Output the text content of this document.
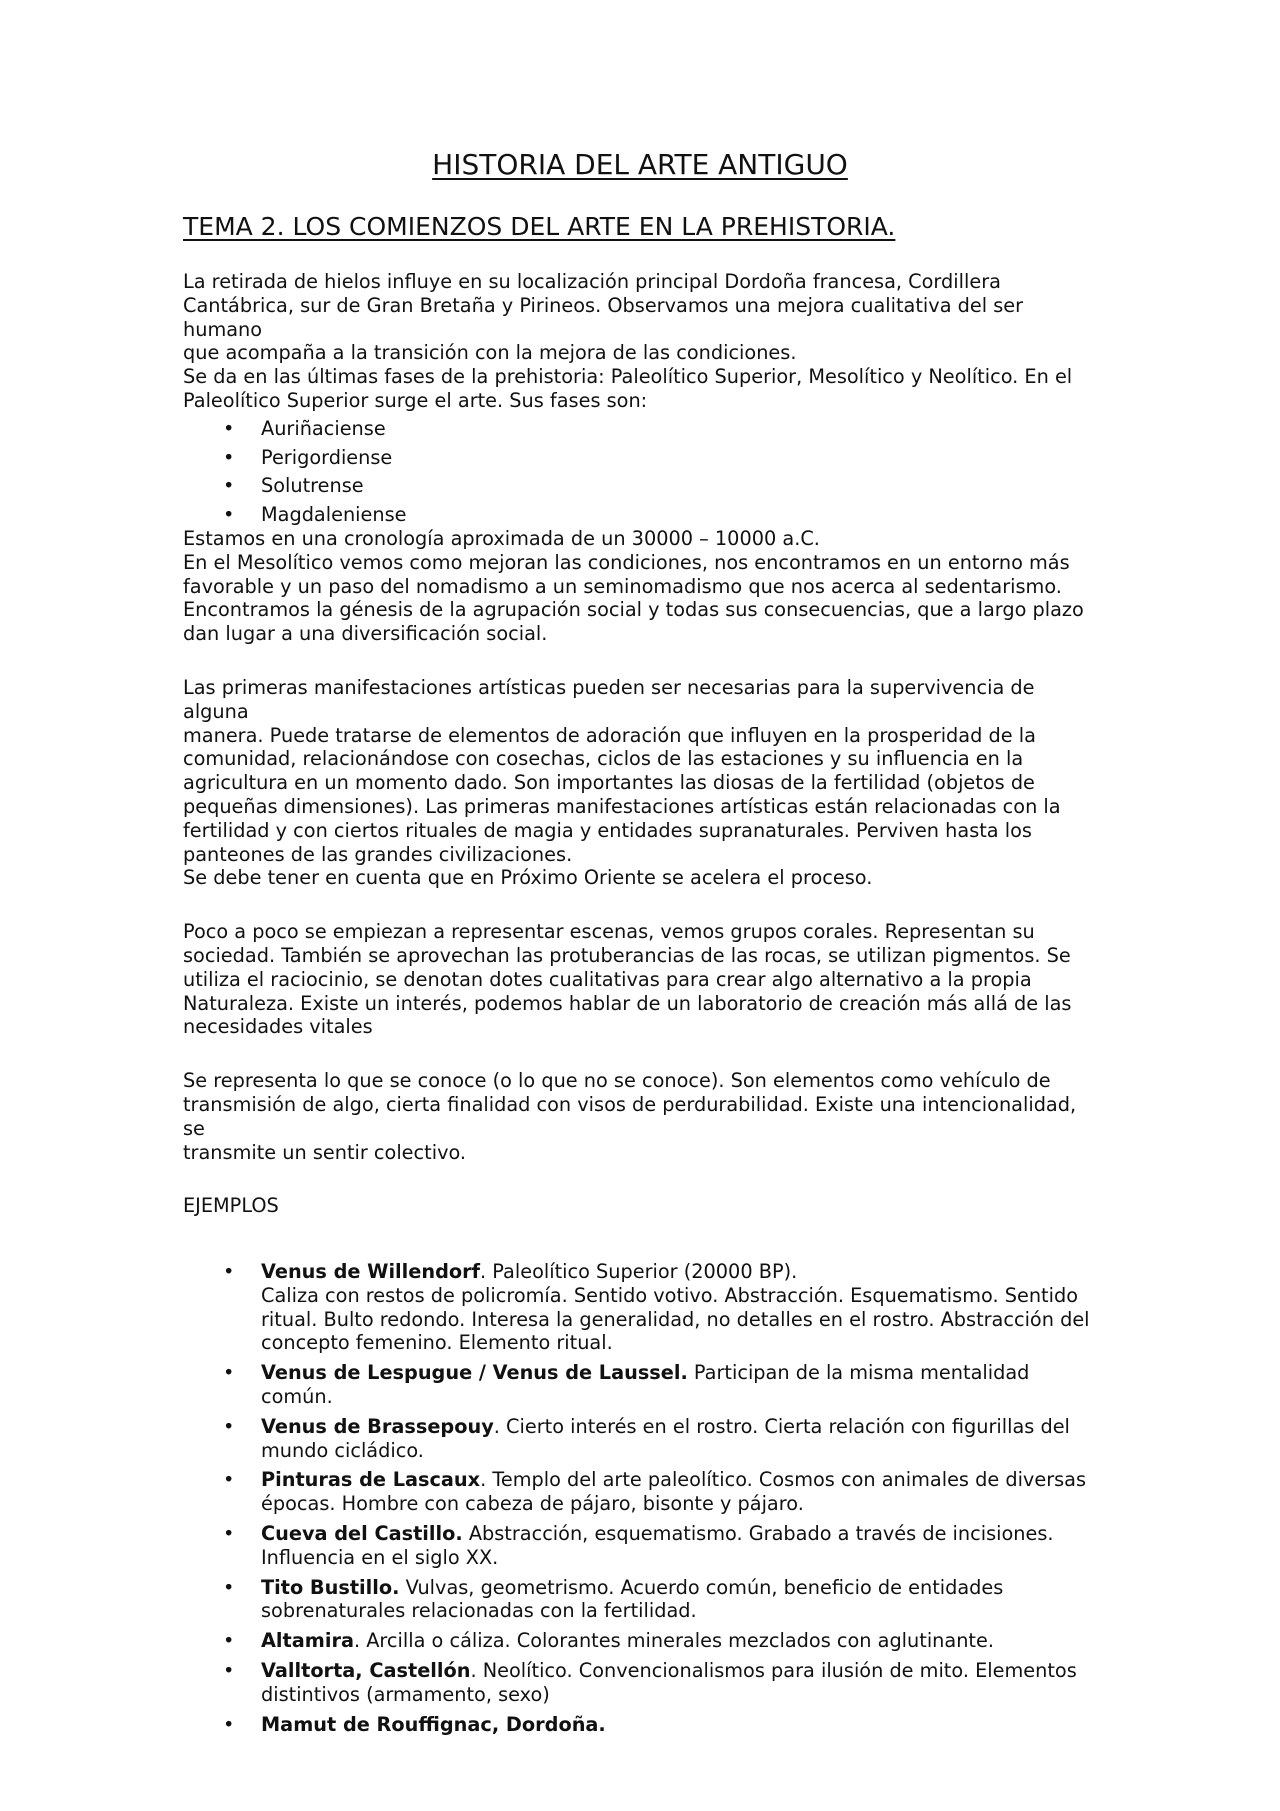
HISTORIA DEL ARTE ANTIGUO
TEMA 2. LOS COMIENZOS DEL ARTE EN LA PREHISTORIA.

La retirada de hielos influye en su localización principal Dordoña francesa, Cordillera
Cantábrica, sur de Gran Bretaña y Pirineos. Observamos una mejora cualitativa del ser humano
que acompaña a la transición con la mejora de las condiciones.
Se da en las últimas fases de la prehistoria: Paleolítico Superior, Mesolítico y Neolítico. En el
Paleolítico Superior surge el arte. Sus fases son:

• Auriñaciense
• Perigordiense
• Solutrense
• Magdaleniense

Estamos en una cronología aproximada de un 30000 – 10000 a.C.
En el Mesolítico vemos como mejoran las condiciones, nos encontramos en un entorno más
favorable y un paso del nomadismo a un seminomadismo que nos acerca al sedentarismo.
Encontramos la génesis de la agrupación social y todas sus consecuencias, que a largo plazo
dan lugar a una diversificación social.

Las primeras manifestaciones artísticas pueden ser necesarias para la supervivencia de alguna
manera. Puede tratarse de elementos de adoración que influyen en la prosperidad de la
comunidad, relacionándose con cosechas, ciclos de las estaciones y su influencia en la
agricultura en un momento dado. Son importantes las diosas de la fertilidad (objetos de
pequeñas dimensiones). Las primeras manifestaciones artísticas están relacionadas con la
fertilidad y con ciertos rituales de magia y entidades supranaturales. Perviven hasta los
panteones de las grandes civilizaciones.
Se debe tener en cuenta que en Próximo Oriente se acelera el proceso.

Poco a poco se empiezan a representar escenas, vemos grupos corales. Representan su
sociedad. También se aprovechan las protuberancias de las rocas, se utilizan pigmentos. Se
utiliza el raciocinio, se denotan dotes cualitativas para crear algo alternativo a la propia
Naturaleza. Existe un interés, podemos hablar de un laboratorio de creación más allá de las
necesidades vitales

Se representa lo que se conoce (o lo que no se conoce). Son elementos como vehículo de
transmisión de algo, cierta finalidad con visos de perdurabilidad. Existe una intencionalidad, se
transmite un sentir colectivo.

EJEMPLOS

• Venus de Willendorf. Paleolítico Superior (20000 BP).
Caliza con restos de policromía. Sentido votivo. Abstracción. Esquematismo. Sentido
ritual. Bulto redondo. Interesa la generalidad, no detalles en el rostro. Abstracción del
concepto femenino. Elemento ritual.
• Venus de Lespugue / Venus de Laussel. Participan de la misma mentalidad común.
• Venus de Brassepouy. Cierto interés en el rostro. Cierta relación con figurillas del
mundo cicládico.
• Pinturas de Lascaux. Templo del arte paleolítico. Cosmos con animales de diversas
épocas. Hombre con cabeza de pájaro, bisonte y pájaro.
• Cueva del Castillo. Abstracción, esquematismo. Grabado a través de incisiones.
Influencia en el siglo XX.
• Tito Bustillo. Vulvas, geometrismo. Acuerdo común, beneficio de entidades
sobrenaturales relacionadas con la fertilidad.
• Altamira. Arcilla o cáliza. Colorantes minerales mezclados con aglutinante.
• Valltorta, Castellón. Neolítico. Convencionalismos para ilusión de mito. Elementos
distintivos (armamento, sexo)
• Mamut de Rouffignac, Dordoña.
